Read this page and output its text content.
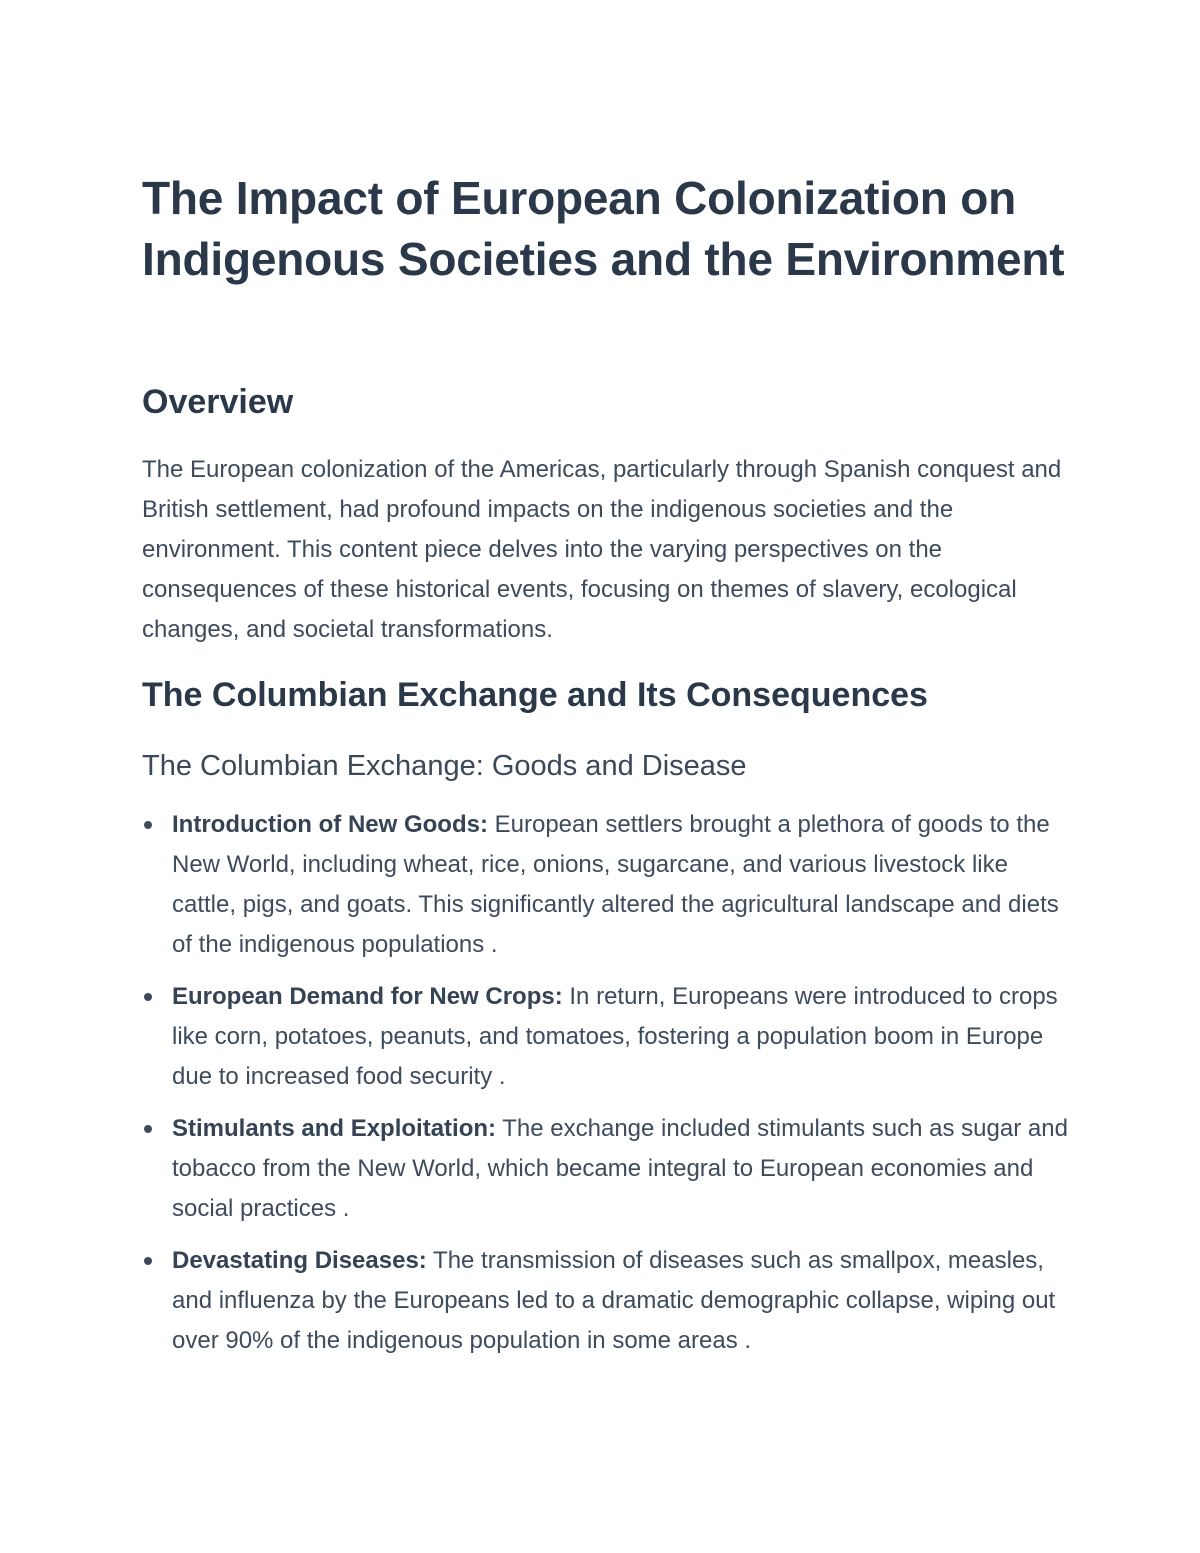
The Impact of European Colonization on Indigenous Societies and the Environment
Overview

The European colonization of the Americas, particularly through Spanish conquest and British settlement, had profound impacts on the indigenous societies and the environment. This content piece delves into the varying perspectives on the consequences of these historical events, focusing on themes of slavery, ecological changes, and societal transformations.

The Columbian Exchange and Its Consequences
The Columbian Exchange: Goods and Disease
Introduction of New Goods: European settlers brought a plethora of goods to the New World, including wheat, rice, onions, sugarcane, and various livestock like cattle, pigs, and goats. This significantly altered the agricultural landscape and diets of the indigenous populations .
European Demand for New Crops: In return, Europeans were introduced to crops like corn, potatoes, peanuts, and tomatoes, fostering a population boom in Europe due to increased food security .
Stimulants and Exploitation: The exchange included stimulants such as sugar and tobacco from the New World, which became integral to European economies and social practices .
Devastating Diseases: The transmission of diseases such as smallpox, measles, and influenza by the Europeans led to a dramatic demographic collapse, wiping out over 90% of the indigenous population in some areas .
